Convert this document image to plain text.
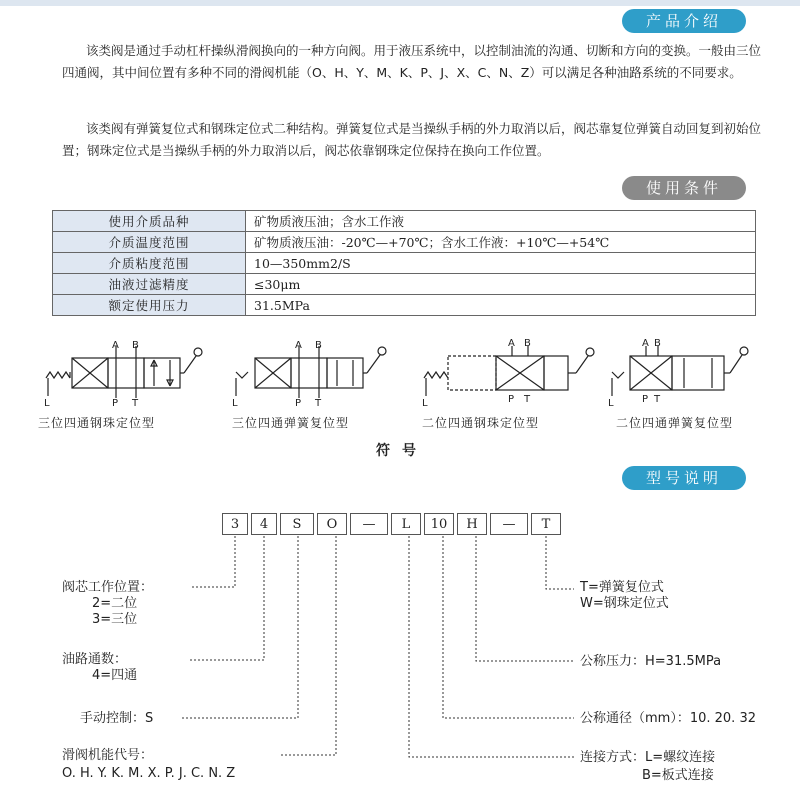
产品介绍
该类阀是通过手动杠杆操纵滑阀换向的一种方向阀。用于液压系统中，以控制油流的沟通、切断和方向的变换。一般由三位四通阀，其中间位置有多种不同的滑阀机能（O、H、Y、M、K、P、J、X、C、N、Z）可以满足各种油路系统的不同要求。
该类阀有弹簧复位式和钢珠定位式二种结构。弹簧复位式是当操纵手柄的外力取消以后，阀芯靠复位弹簧自动回复到初始位置；钢珠定位式是当操纵手柄的外力取消以后，阀芯依靠钢珠定位保持在换向工作位置。
使用条件
使用介质品种	矿物质液压油；含水工作液
介质温度范围	矿物质液压油：-20℃—+70℃；含水工作液：+10℃—+54℃
介质粘度范围	10—350mm2/S
油液过滤精度	≤30μm
额定使用压力	31.5MPa
A B
L	P T
A B
L	P T
A B
L	P T
A B
L	P T
三位四通钢珠定位型	三位四通弹簧复位型	二位四通钢珠定位型	二位四通弹簧复位型
符号
型号说明
3	4	S	O	—	L	10	H	—	T
阀芯工作位置：
2=二位
3=三位
油路通数：
4=四通
手动控制：S
滑阀机能代号：
O. H. Y. K. M. X. P. J. C. N. Z
T=弹簧复位式
W=钢珠定位式
公称压力：H=31.5MPa
公称通径（mm）：10. 20. 32
连接方式：L=螺纹连接
B=板式连接
